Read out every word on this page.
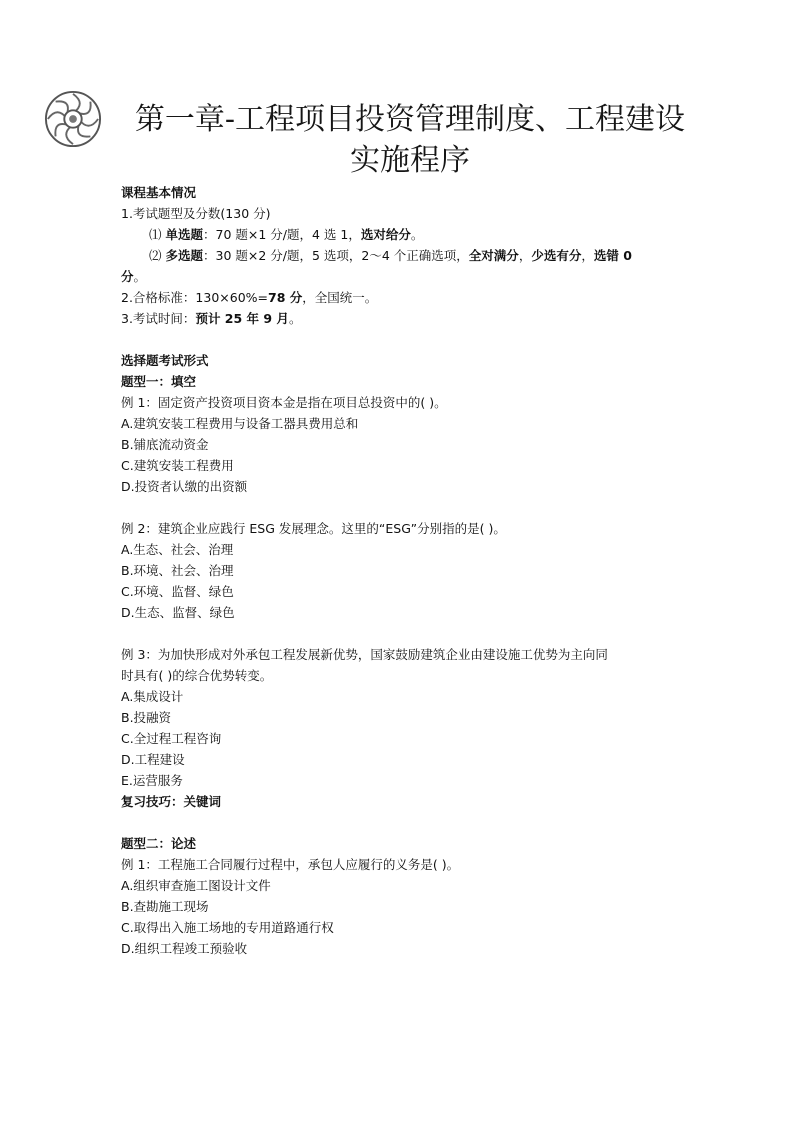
第一章-工程项目投资管理制度、工程建设
实施程序
课程基本情况
1.考试题型及分数(130 分)
⑴ 单选题：70 题×1 分/题，4 选 1，选对给分。
⑵ 多选题：30 题×2 分/题，5 选项，2～4 个正确选项，全对满分，少选有分，选错 0
分。
2.合格标准：130×60%=78 分，全国统一。
3.考试时间：预计 25 年 9 月。
选择题考试形式
题型一：填空
例 1：固定资产投资项目资本金是指在项目总投资中的( )。
A.建筑安装工程费用与设备工器具费用总和
B.铺底流动资金
C.建筑安装工程费用
D.投资者认缴的出资额
例 2：建筑企业应践行 ESG 发展理念。这里的“ESG”分别指的是( )。
A.生态、社会、治理
B.环境、社会、治理
C.环境、监督、绿色
D.生态、监督、绿色
例 3：为加快形成对外承包工程发展新优势，国家鼓励建筑企业由建设施工优势为主向同
时具有( )的综合优势转变。
A.集成设计
B.投融资
C.全过程工程咨询
D.工程建设
E.运营服务
复习技巧：关键词
题型二：论述
例 1：工程施工合同履行过程中，承包人应履行的义务是( )。
A.组织审查施工图设计文件
B.查勘施工现场
C.取得出入施工场地的专用道路通行权
D.组织工程竣工预验收
